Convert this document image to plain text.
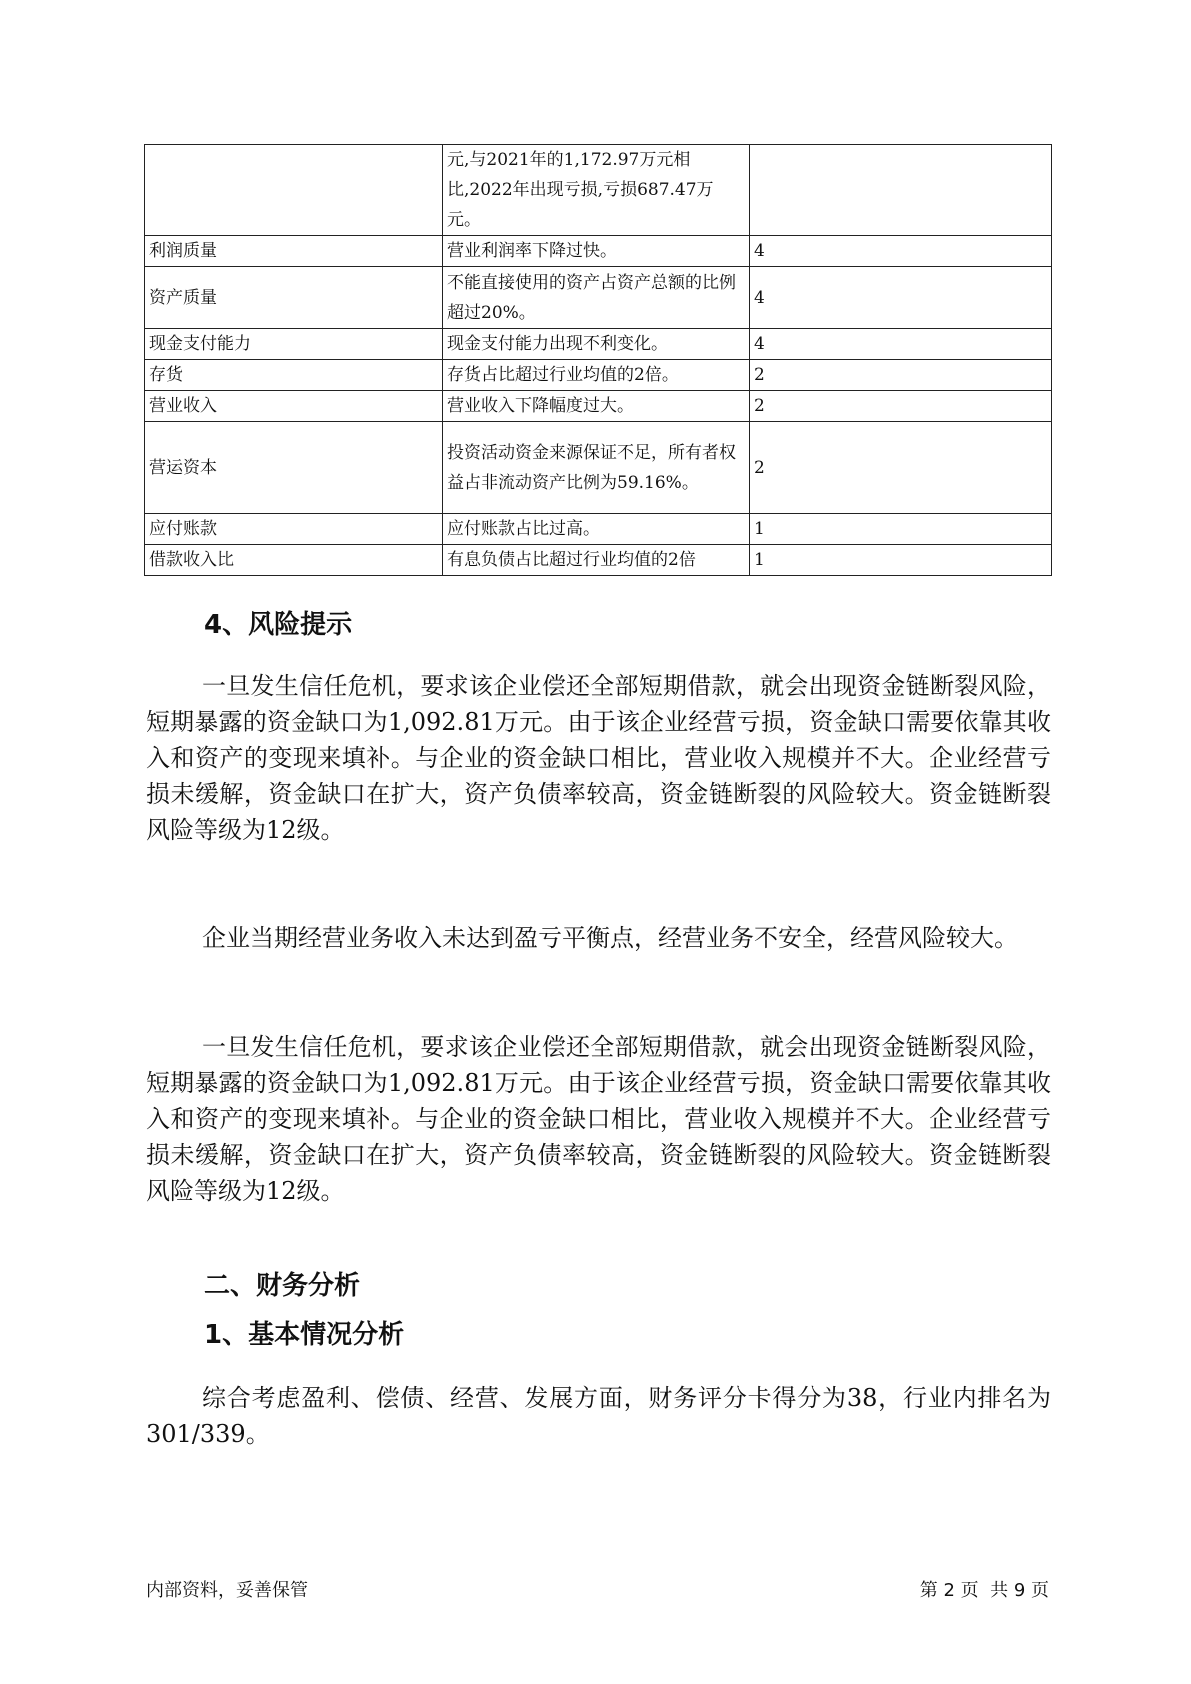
	元,与2021年的1,172.97万元相比,2022年出现亏损,亏损687.47万元。	
利润质量	营业利润率下降过快。	4
资产质量	不能直接使用的资产占资产总额的比例超过20%。	4
现金支付能力	现金支付能力出现不利变化。	4
存货	存货占比超过行业均值的2倍。	2
营业收入	营业收入下降幅度过大。	2
营运资本	投资活动资金来源保证不足，所有者权益占非流动资产比例为59.16%。	2
应付账款	应付账款占比过高。	1
借款收入比	有息负债占比超过行业均值的2倍	1
4、风险提示
一旦发生信任危机，要求该企业偿还全部短期借款，就会出现资金链断裂风险，短期暴露的资金缺口为1,092.81万元。由于该企业经营亏损，资金缺口需要依靠其收入和资产的变现来填补。与企业的资金缺口相比，营业收入规模并不大。企业经营亏损未缓解，资金缺口在扩大，资产负债率较高，资金链断裂的风险较大。资金链断裂风险等级为12级。
企业当期经营业务收入未达到盈亏平衡点，经营业务不安全，经营风险较大。
一旦发生信任危机，要求该企业偿还全部短期借款，就会出现资金链断裂风险，短期暴露的资金缺口为1,092.81万元。由于该企业经营亏损，资金缺口需要依靠其收入和资产的变现来填补。与企业的资金缺口相比，营业收入规模并不大。企业经营亏损未缓解，资金缺口在扩大，资产负债率较高，资金链断裂的风险较大。资金链断裂风险等级为12级。
二、财务分析
1、基本情况分析
综合考虑盈利、偿债、经营、发展方面，财务评分卡得分为38，行业内排名为301/339。
内部资料，妥善保管	第 2 页  共 9 页
